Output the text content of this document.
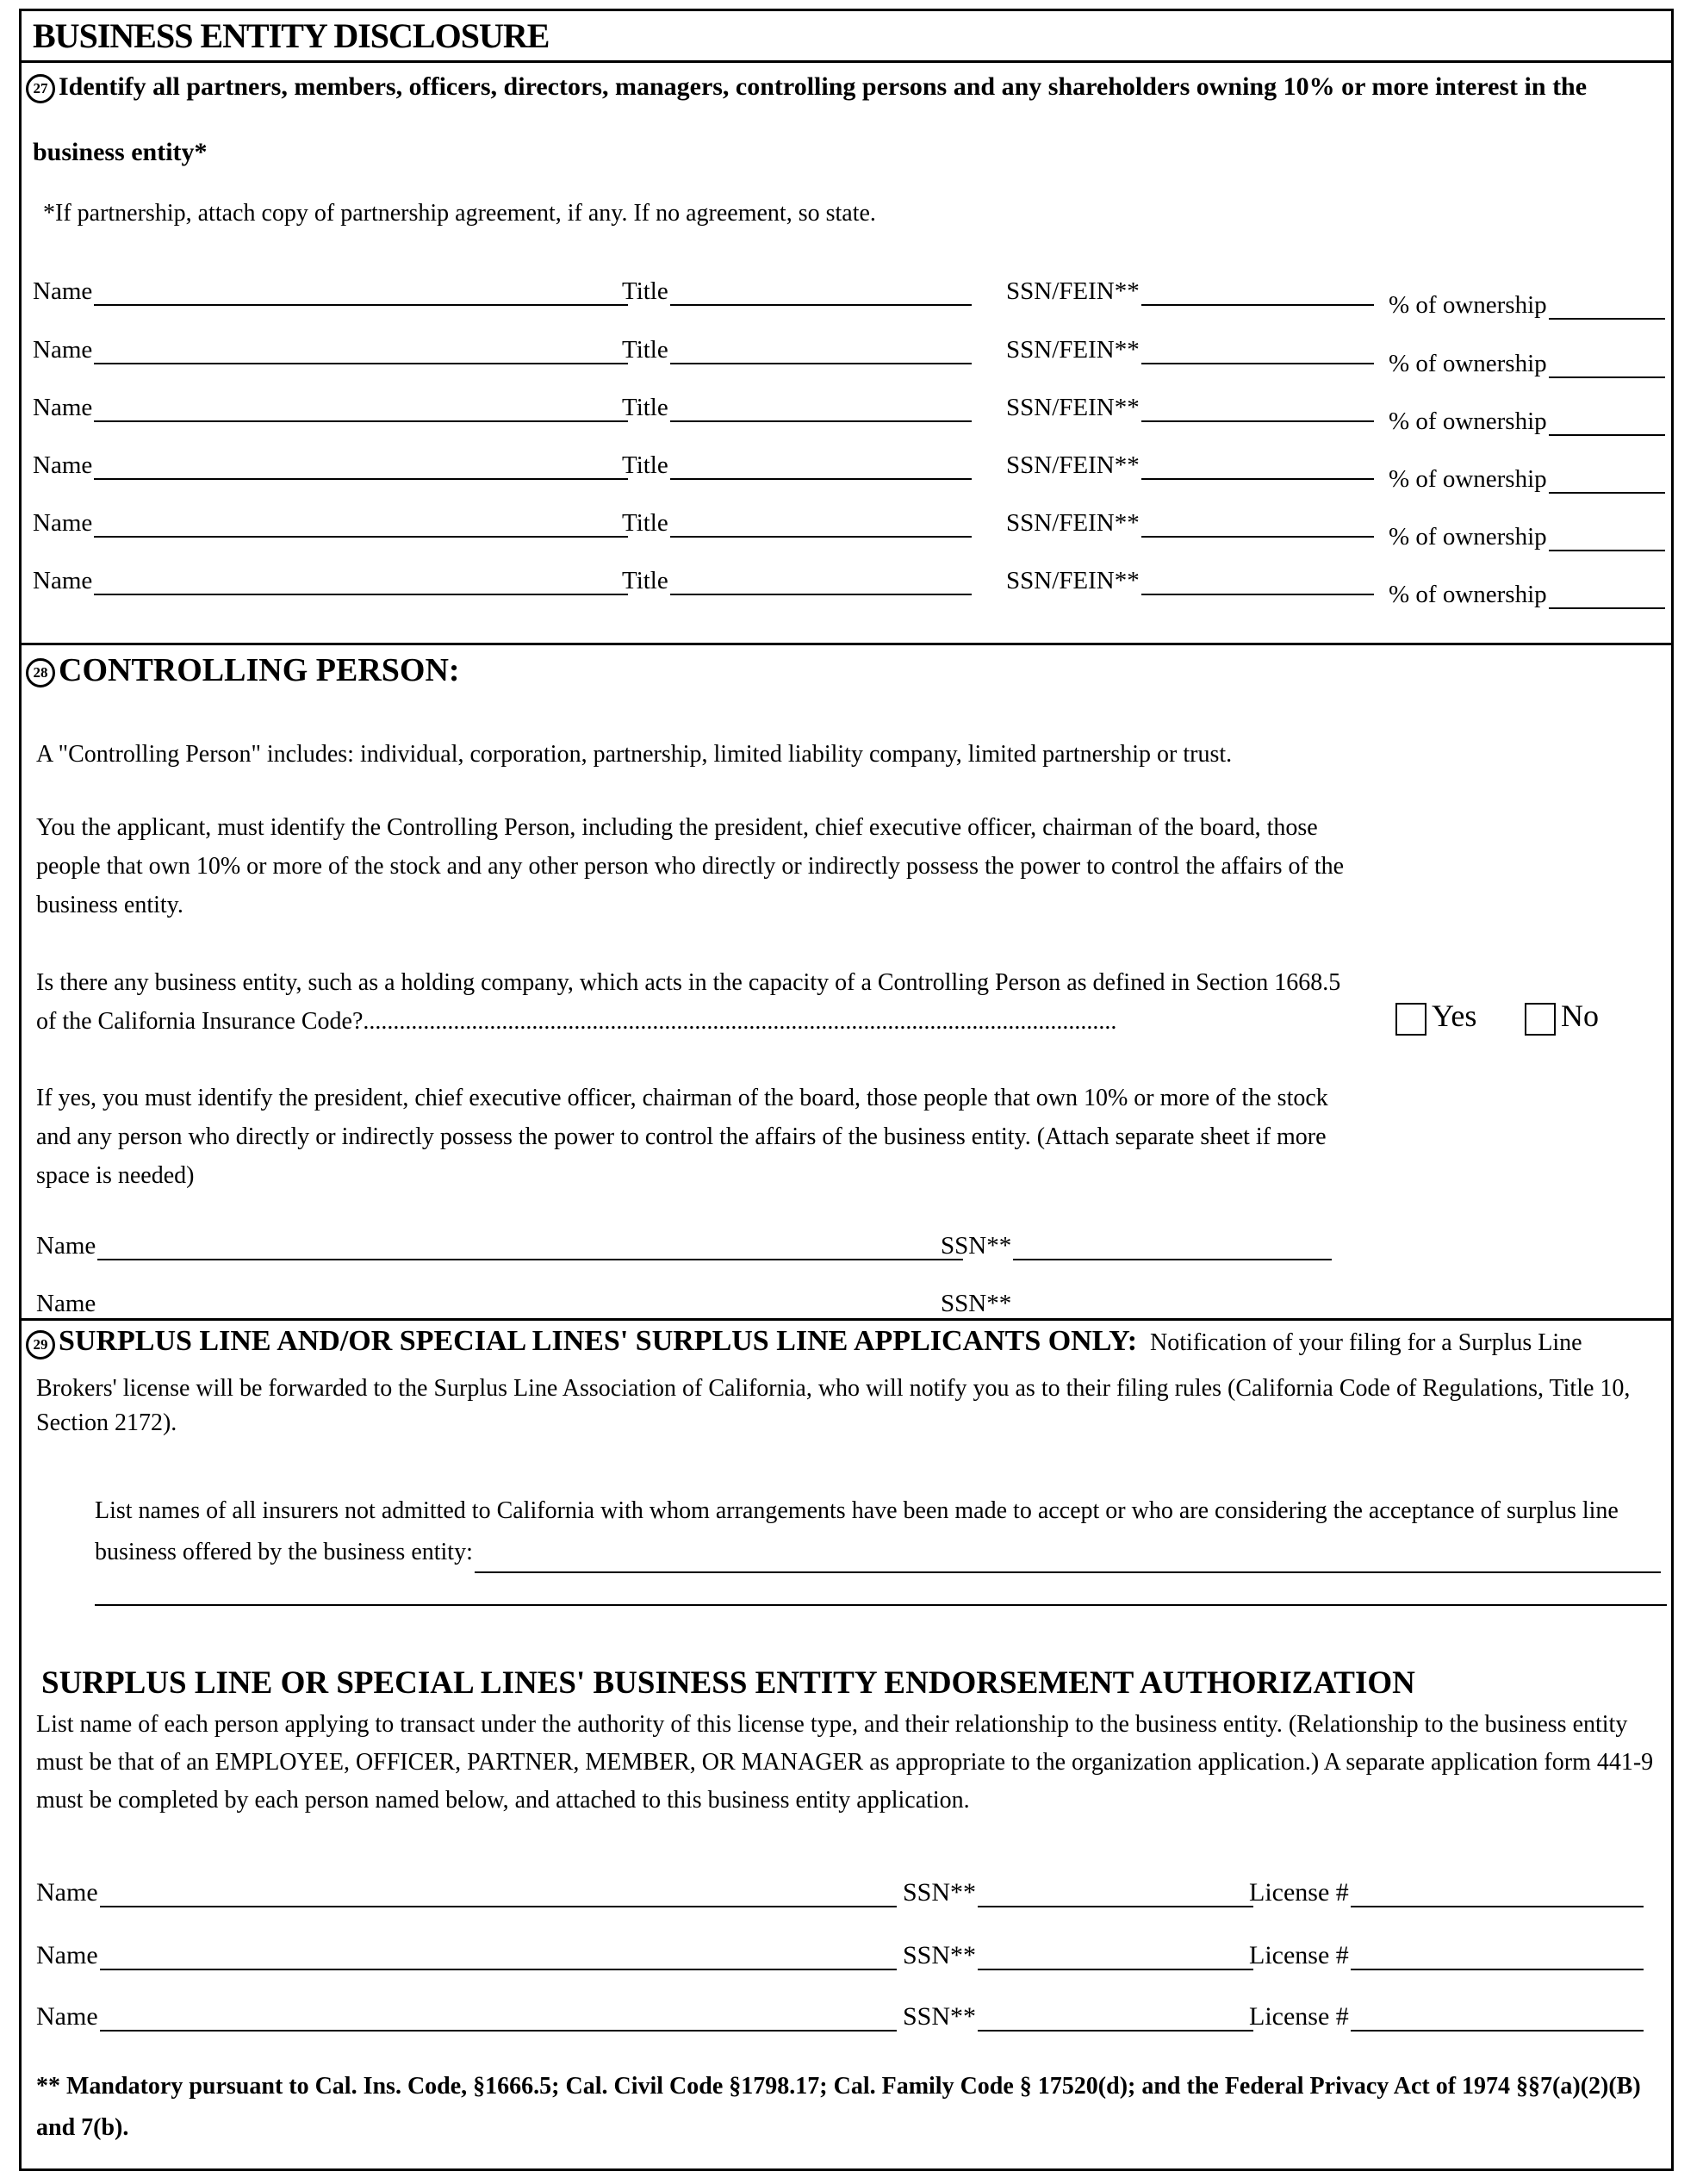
BUSINESS ENTITY DISCLOSURE
27 Identify all partners, members, officers, directors, managers, controlling persons and any shareholders owning 10% or more interest in the
business entity*
*If partnership, attach copy of partnership agreement, if any. If no agreement, so state.
Name	Title	SSN/FEIN**	% of ownership
Name	Title	SSN/FEIN**	% of ownership
Name	Title	SSN/FEIN**	% of ownership
Name	Title	SSN/FEIN**	% of ownership
Name	Title	SSN/FEIN**	% of ownership
Name	Title	SSN/FEIN**	% of ownership
28 CONTROLLING PERSON:
A "Controlling Person" includes: individual, corporation, partnership, limited liability company, limited partnership or trust.
You the applicant, must identify the Controlling Person, including the president, chief executive officer, chairman of the board, those
people that own 10% or more of the stock and any other person who directly or indirectly possess the power to control the affairs of the
business entity.
Is there any business entity, such as a holding company, which acts in the capacity of a Controlling Person as defined in Section 1668.5
of the California Insurance Code?.............................................................................................................................	Yes	No
If yes, you must identify the president, chief executive officer, chairman of the board, those people that own 10% or more of the stock
and any person who directly or indirectly possess the power to control the affairs of the business entity. (Attach separate sheet if more
space is needed)
Name	SSN**
Name	SSN**
29 SURPLUS LINE AND/OR SPECIAL LINES' SURPLUS LINE APPLICANTS ONLY: Notification of your filing for a Surplus Line
Brokers' license will be forwarded to the Surplus Line Association of California, who will notify you as to their filing rules (California Code of Regulations, Title 10,
Section 2172).
List names of all insurers not admitted to California with whom arrangements have been made to accept or who are considering the acceptance of surplus line
business offered by the business entity:
SURPLUS LINE OR SPECIAL LINES' BUSINESS ENTITY ENDORSEMENT AUTHORIZATION
List name of each person applying to transact under the authority of this license type, and their relationship to the business entity. (Relationship to the business entity
must be that of an EMPLOYEE, OFFICER, PARTNER, MEMBER, OR MANAGER as appropriate to the organization application.) A separate application form 441-9
must be completed by each person named below, and attached to this business entity application.
Name	SSN**	License #
Name	SSN**	License #
Name	SSN**	License #
** Mandatory pursuant to Cal. Ins. Code, §1666.5; Cal. Civil Code §1798.17; Cal. Family Code § 17520(d); and the Federal Privacy Act of 1974 §§7(a)(2)(B)
and 7(b).
